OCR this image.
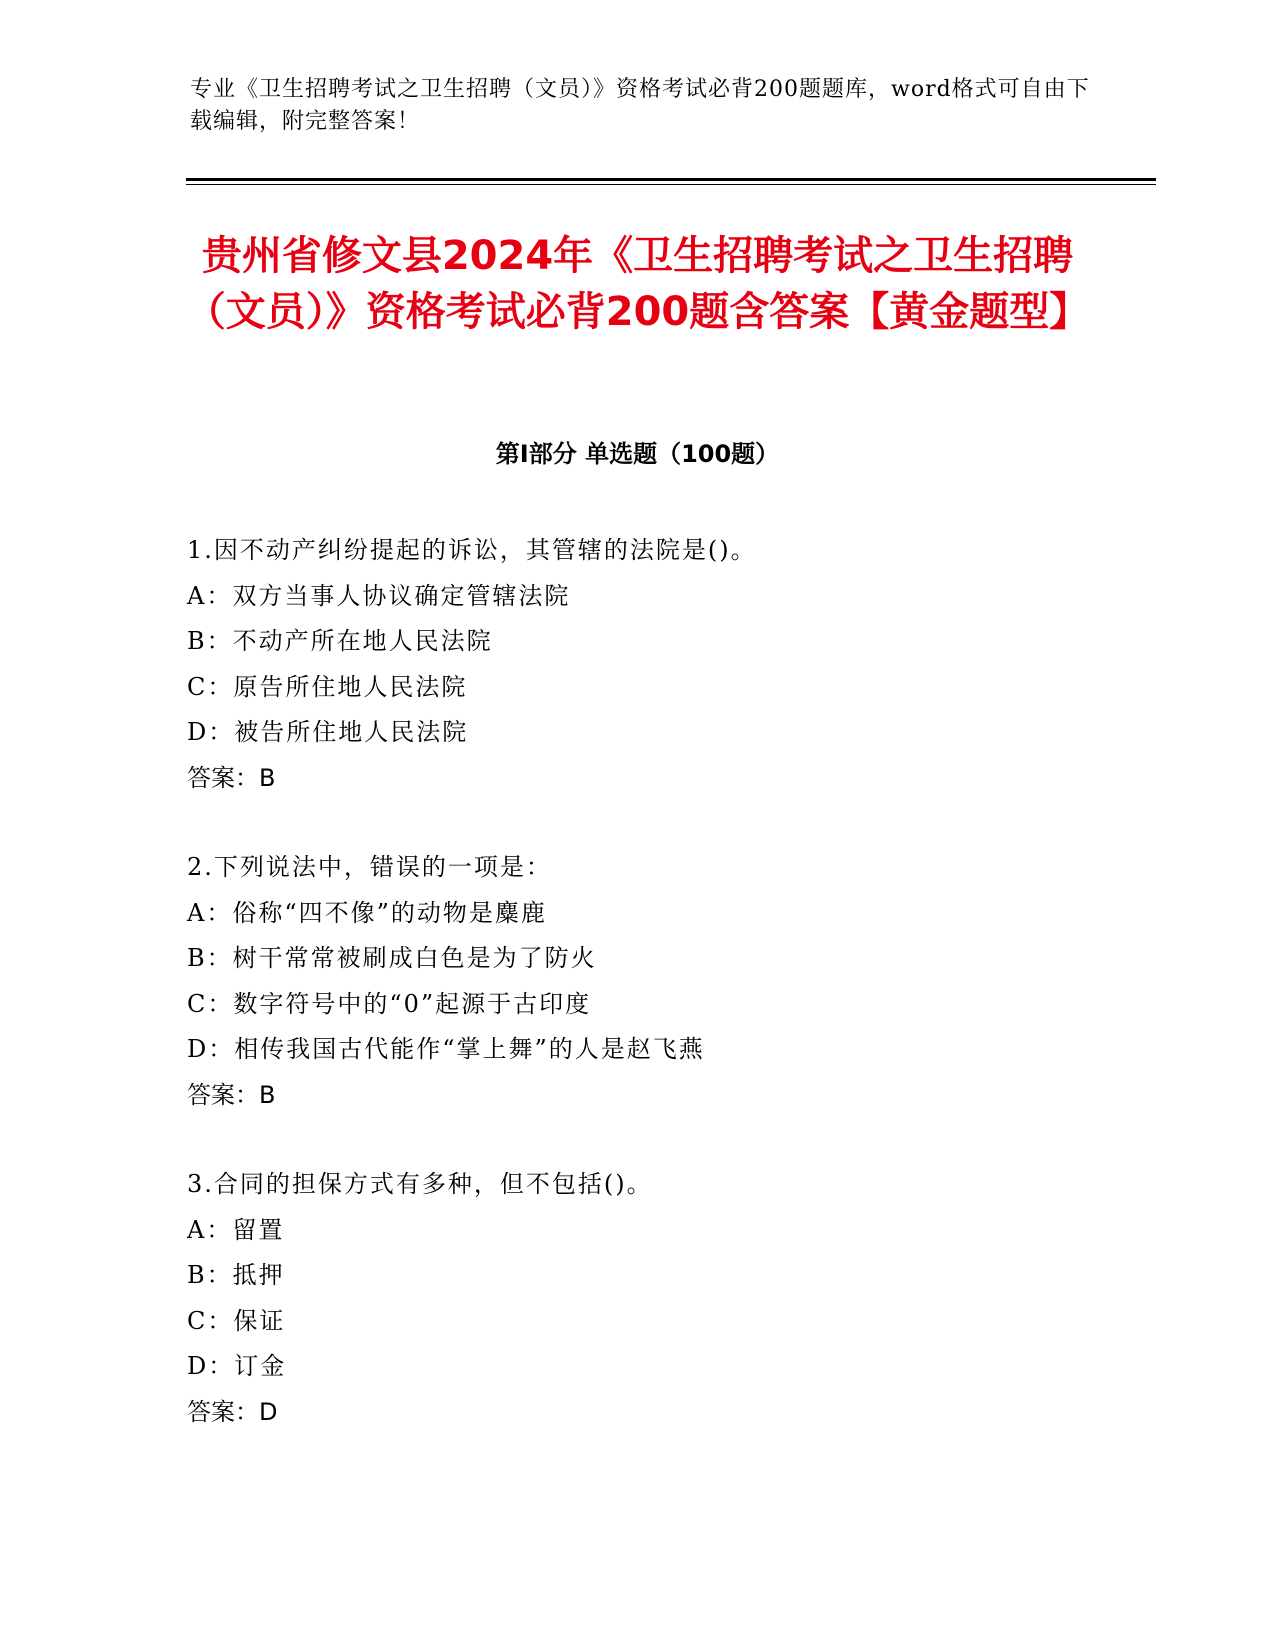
专业《卫生招聘考试之卫生招聘（文员）》资格考试必背200题题库，word格式可自由下载编辑，附完整答案！
贵州省修文县2024年《卫生招聘考试之卫生招聘（文员）》资格考试必背200题含答案【黄金题型】
第Ⅰ部分 单选题（100题）
1.因不动产纠纷提起的诉讼，其管辖的法院是()。
A：双方当事人协议确定管辖法院
B：不动产所在地人民法院
C：原告所住地人民法院
D：被告所住地人民法院
答案：B
2.下列说法中，错误的一项是：
A：俗称“四不像”的动物是麋鹿
B：树干常常被刷成白色是为了防火
C：数字符号中的“0”起源于古印度
D：相传我国古代能作“掌上舞”的人是赵飞燕
答案：B
3.合同的担保方式有多种，但不包括()。
A：留置
B：抵押
C：保证
D：订金
答案：D
